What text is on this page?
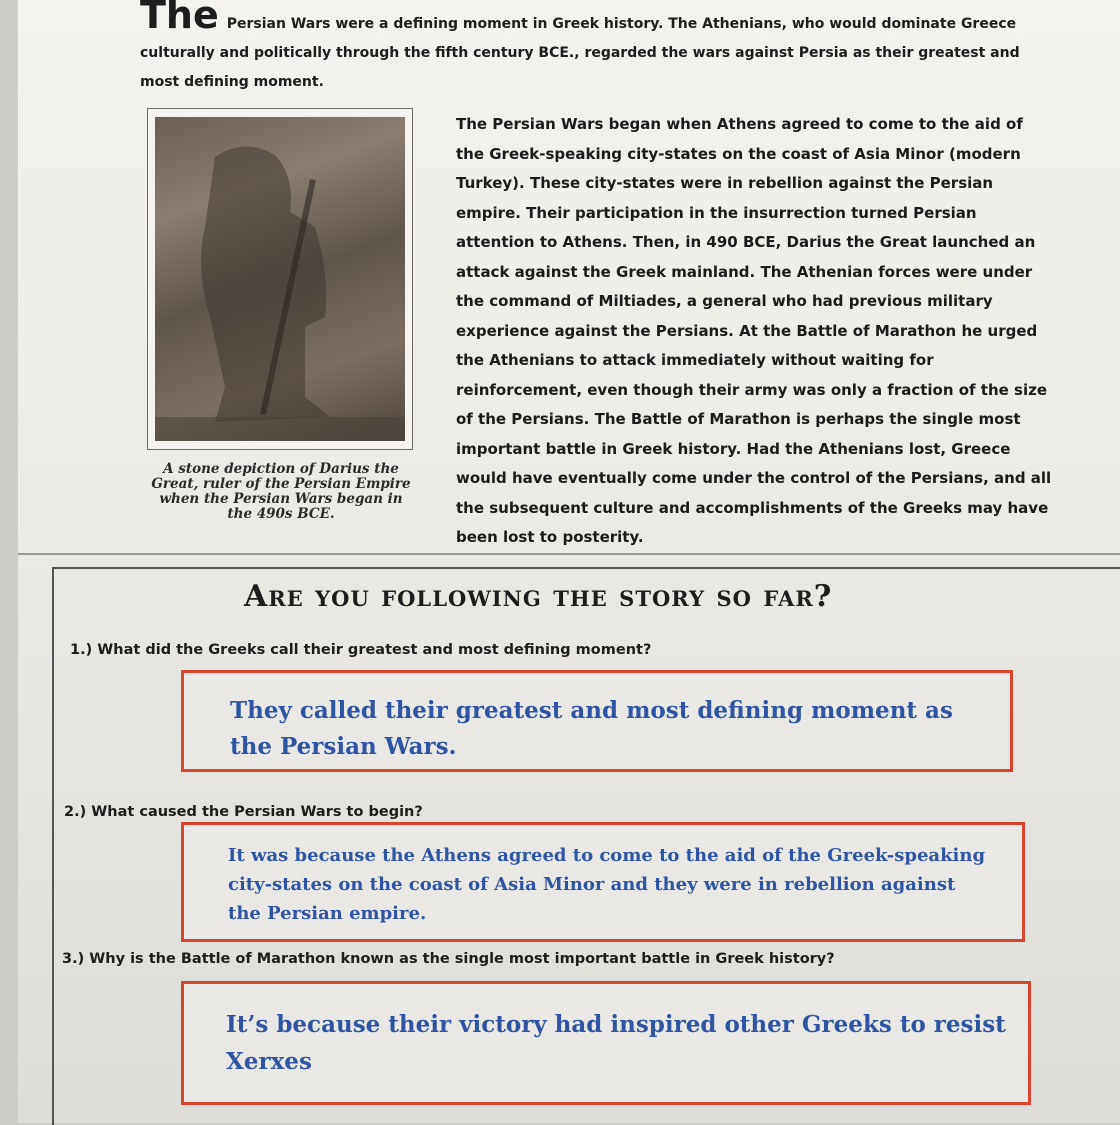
The Persian Wars were a defining moment in Greek history. The Athenians, who would dominate Greece culturally and politically through the fifth century BCE., regarded the wars against Persia as their greatest and most defining moment.
A stone depiction of Darius the Great, ruler of the Persian Empire when the Persian Wars began in the 490s BCE.
The Persian Wars began when Athens agreed to come to the aid of the Greek-speaking city-states on the coast of Asia Minor (modern Turkey). These city-states were in rebellion against the Persian empire. Their participation in the insurrection turned Persian attention to Athens. Then, in 490 BCE, Darius the Great launched an attack against the Greek mainland. The Athenian forces were under the command of Miltiades, a general who had previous military experience against the Persians. At the Battle of Marathon he urged the Athenians to attack immediately without waiting for reinforcement, even though their army was only a fraction of the size of the Persians. The Battle of Marathon is perhaps the single most important battle in Greek history. Had the Athenians lost, Greece would have eventually come under the control of the Persians, and all the subsequent culture and accomplishments of the Greeks may have been lost to posterity.
Are you following the story so far?
1.) What did the Greeks call their greatest and most defining moment?
They called their greatest and most defining moment as the Persian Wars.
2.) What caused the Persian Wars to begin?
It was because the Athens agreed to come to the aid of the Greek-speaking city-states on the coast of Asia Minor and they were in rebellion against the Persian empire.
3.) Why is the Battle of Marathon known as the single most important battle in Greek history?
It’s because their victory had inspired other Greeks to resist Xerxes
